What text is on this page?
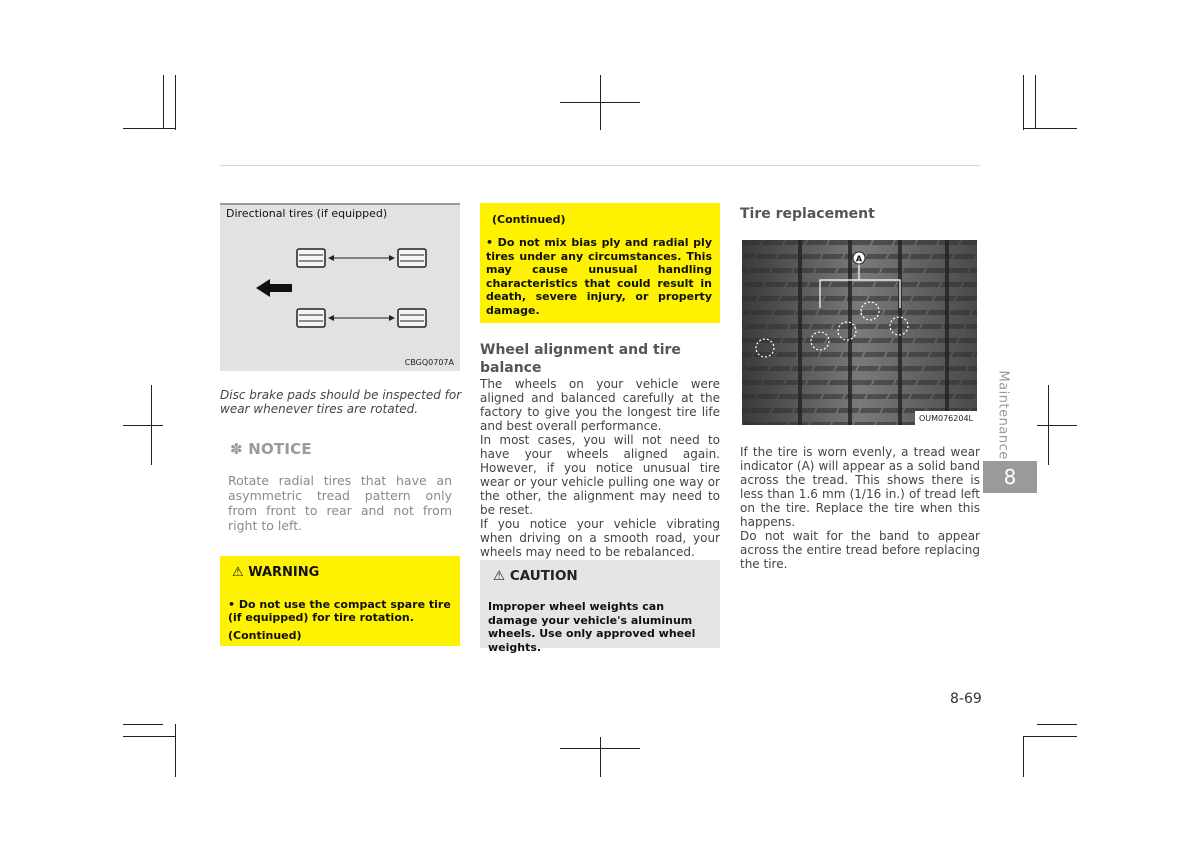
Directional tires (if equipped)
CBGQ0707A
Disc brake pads should be inspected for wear whenever tires are rotated.
✽ NOTICE
Rotate radial tires that have an asymmetric tread pattern only from front to rear and not from right to left.
⚠ WARNING
• Do not use the compact spare tire (if equipped) for tire rotation.
(Continued)
(Continued)
• Do not mix bias ply and radial ply tires under any circumstances. This may cause unusual handling characteristics that could result in death, severe injury, or property damage.
Wheel alignment and tire
balance
The wheels on your vehicle were aligned and balanced carefully at the factory to give you the longest tire life and best overall performance.
In most cases, you will not need to have your wheels aligned again. However, if you notice unusual tire wear or your vehicle pulling one way or the other, the alignment may need to be reset.
If you notice your vehicle vibrating when driving on a smooth road, your wheels may need to be rebalanced.
⚠ CAUTION
Improper wheel weights can damage your vehicle's aluminum wheels. Use only approved wheel weights.
Tire replacement
A
OUM076204L
If the tire is worn evenly, a tread wear indicator (A) will appear as a solid band across the tread. This shows there is less than 1.6 mm (1/16 in.) of tread left on the tire. Replace the tire when this happens.
Do not wait for the band to appear across the entire tread before replacing the tire.
Maintenance
8
8-69
